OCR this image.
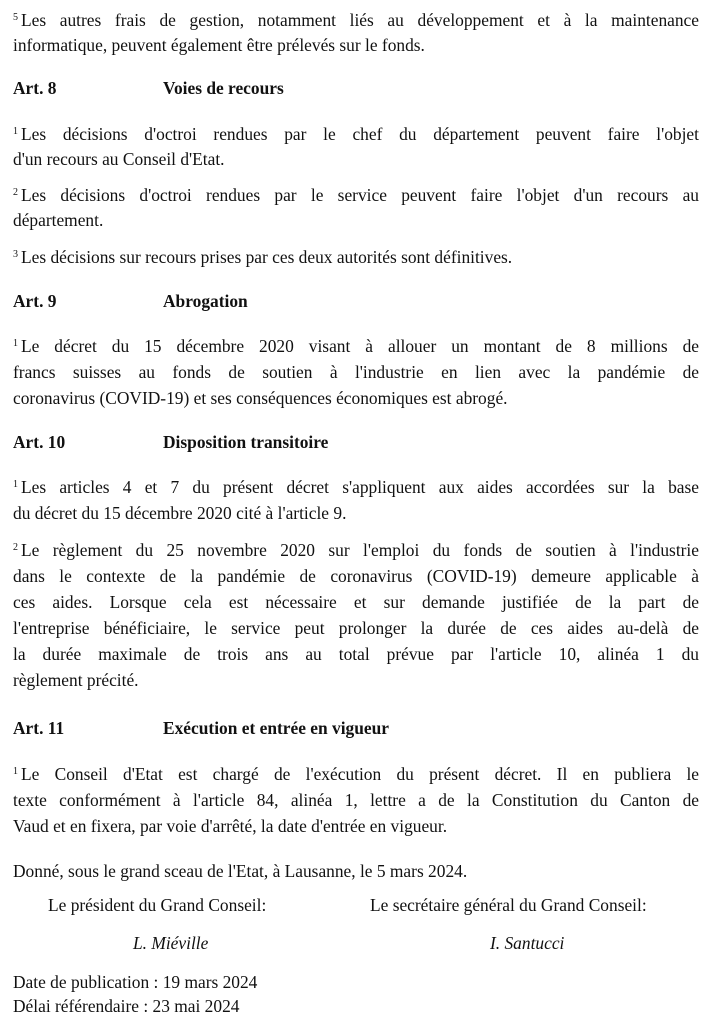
$^5$ Les autres frais de gestion, notamment liés au développement et à la maintenance
informatique, peuvent également être prélevés sur le fonds.
Art. 8	Voies de recours
$^1$ Les décisions d'octroi rendues par le chef du département peuvent faire l'objet
d'un recours au Conseil d'Etat.
$^2$ Les décisions d'octroi rendues par le service peuvent faire l'objet d'un recours au
département.
$^3$ Les décisions sur recours prises par ces deux autorités sont définitives.
Art. 9	Abrogation
$^1$ Le décret du 15 décembre 2020 visant à allouer un montant de 8 millions de
francs suisses au fonds de soutien à l'industrie en lien avec la pandémie de
coronavirus (COVID-19) et ses conséquences économiques est abrogé.
Art. 10	Disposition transitoire
$^1$ Les articles 4 et 7 du présent décret s'appliquent aux aides accordées sur la base
du décret du 15 décembre 2020 cité à l'article 9.
$^2$ Le règlement du 25 novembre 2020 sur l'emploi du fonds de soutien à l'industrie
dans le contexte de la pandémie de coronavirus (COVID-19) demeure applicable à
ces aides. Lorsque cela est nécessaire et sur demande justifiée de la part de
l'entreprise bénéficiaire, le service peut prolonger la durée de ces aides au-delà de
la durée maximale de trois ans au total prévue par l'article 10, alinéa 1 du
règlement précité.
Art. 11	Exécution et entrée en vigueur
$^1$ Le Conseil d'Etat est chargé de l'exécution du présent décret. Il en publiera le
texte conformément à l'article 84, alinéa 1, lettre a de la Constitution du Canton de
Vaud et en fixera, par voie d'arrêté, la date d'entrée en vigueur.
Donné, sous le grand sceau de l'Etat, à Lausanne, le 5 mars 2024.
Le président du Grand Conseil:	Le secrétaire général du Grand Conseil:
L. Miéville	I. Santucci
Date de publication : 19 mars 2024
Délai référendaire : 23 mai 2024
